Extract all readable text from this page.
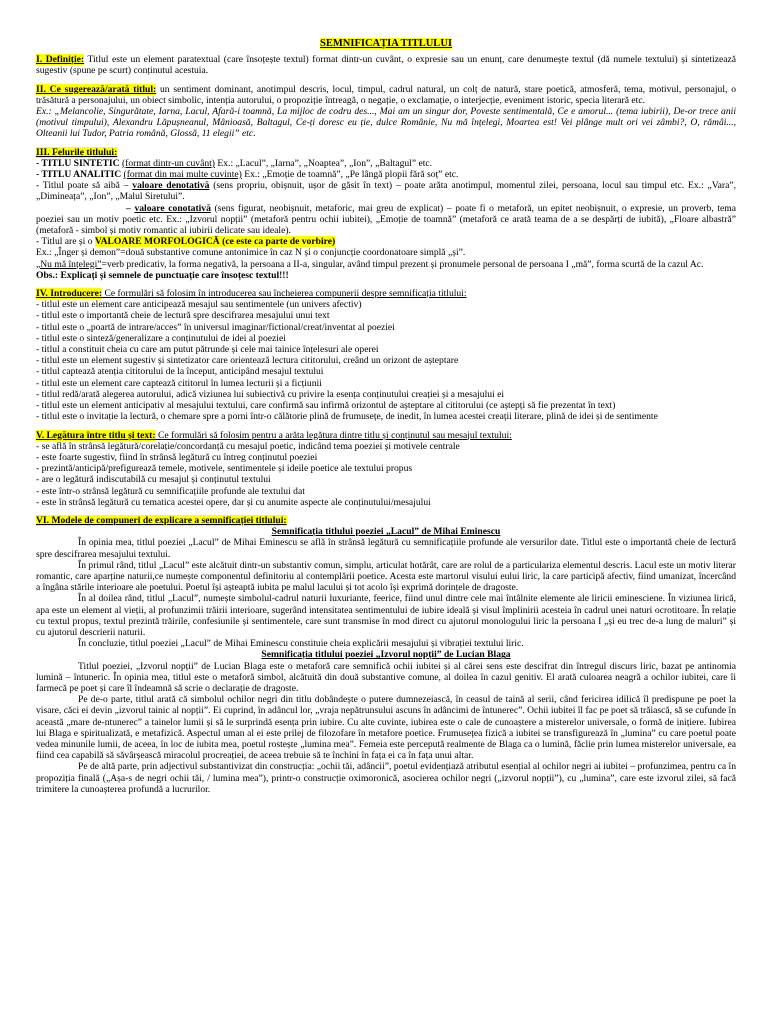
SEMNIFICAȚIA TITLULUI

I. Definiție: Titlul este un element paratextual (care însoțește textul) format dintr-un cuvânt, o expresie sau un enunț, care denumește textul (dă numele textului) și sintetizează sugestiv (spune pe scurt) conținutul acestuia.

II. Ce sugerează/arată titlul: un sentiment dominant, anotimpul descris, locul, timpul, cadrul natural, un colț de natură, stare poetică, atmosferă, tema, motivul, personajul, o trăsătură a personajului, un obiect simbolic, intenția autorului, o propoziție întreagă, o negație, o exclamație, o interjecție, eveniment istoric, specia literară etc.

Ex.: „Melancolie, Singurătate, Iarna, Lacul, Afară-i toamnă, La mijloc de codru des..., Mai am un singur dor, Poveste sentimentală, Ce e amorul... (tema iubirii), De-or trece anii (motivul timpului), Alexandru Lăpușneanul, Mânioasă, Baltagul, Ce-ți doresc eu ție, dulce Românie, Nu mă înțelegi, Moartea est! Vei plânge mult ori vei zâmbi?, O, rămâi..., Olteanii lui Tudor, Patria română, Glossă, 11 elegii” etc.

III. Felurile titlului:

- TITLU SINTETIC (format dintr-un cuvânt) Ex.: „Lacul”, „Iarna”, „Noaptea”, „Ion”, „Baltagul” etc.

- TITLU ANALITIC (format din mai multe cuvinte) Ex.: „Emoție de toamnă”, „Pe lângă plopii fără soț” etc.

- Titlul poate să aibă – valoare denotativă (sens propriu, obișnuit, ușor de găsit în text) – poate arăta anotimpul, momentul zilei, persoana, locul sau timpul etc. Ex.: „Vara”, „Dimineața”, „Ion”, „Malul Siretului”.

– valoare conotativă (sens figurat, neobișnuit, metaforic, mai greu de explicat) – poate fi o metaforă, un epitet neobișnuit, o expresie, un proverb, tema poeziei sau un motiv poetic etc. Ex.: „Izvorul nopții” (metaforă pentru ochii iubitei), „Emoție de toamnă” (metaforă ce arată teama de a se despărți de iubită), „Floare albastră” (metaforă - simbol și motiv romantic al iubirii delicate sau ideale).

- Titlul are și o VALOARE MORFOLOGICĂ (ce este ca parte de vorbire)

Ex.: „Înger și demon”=două substantive comune antonimice în caz N și o conjuncție coordonatoare simplă „și”.

„Nu mă înțelegi”=verb predicativ, la forma negativă, la persoana a II-a, singular, având timpul prezent și pronumele personal de persoana I „mă”, forma scurtă de la cazul Ac.

Obs.: Explicați și semnele de punctuație care însoțesc textul!!!

IV. Introducere: Ce formulări să folosim în introducerea sau încheierea compunerii despre semnificația titlului:

- titlul este un element care anticipează mesajul sau sentimentele (un univers afectiv)
- titlul este o importantă cheie de lectură spre descifrarea mesajului unui text
- titlul este o „poartă de intrare/acces” în universul imaginar/fictional/creat/inventat al poeziei
- titlul este o sinteză/generalizare a conținutului de idei al poeziei
- titlul a constituit cheia cu care am putut pătrunde și cele mai tainice înțelesuri ale operei
- titlul este un element sugestiv și sintetizator care orientează lectura cititorului, creând un orizont de așteptare
- titlul captează atenția cititorului de la început, anticipând mesajul textului
- titlul este un element care captează cititorul în lumea lecturii și a ficțiunii
- titlul redă/arată alegerea autorului, adică viziunea lui subiectivă cu privire la esența conținutului creației și a mesajului ei
- titlul este un element anticipativ al mesajului textului, care confirmă sau infirmă orizontul de așteptare al cititorului (ce aștepți să fie prezentat în text)
- titlul este o invitație la lectură, o chemare spre a porni într-o călătorie plină de frumusețe, de inedit, în lumea acestei creații literare, plină de idei și de sentimente

V. Legătura între titlu și text: Ce formulări să folosim pentru a arăta legătura dintre titlu și conținutul sau mesajul textului:

- se află în strânsă legătură/corelație/concordanță cu mesajul poetic, indicând tema poeziei și motivele centrale
- este foarte sugestiv, fiind în strânsă legătură cu întreg conținutul poeziei
- prezintă/anticipă/prefigurează temele, motivele, sentimentele și ideile poetice ale textului propus
- are o legătură indiscutabilă cu mesajul și conținutul textului
- este într-o strânsă legătură cu semnificațiile profunde ale textului dat
- este în strânsă legătură cu tematica acestei opere, dar și cu anumite aspecte ale conținutului/mesajului

VI. Modele de compuneri de explicare a semnificației titlului:

Semnificația titlului poeziei „Lacul” de Mihai Eminescu

În opinia mea, titlul poeziei „Lacul” de Mihai Eminescu se află în strânsă legătură cu semnificațiile profunde ale versurilor date. Titlul este o importantă cheie de lectură spre descifrarea mesajului textului.

În primul rând, titlul „Lacul” este alcătuit dintr-un substantiv comun, simplu, articulat hotărât, care are rolul de a particulariza elementul descris. Lacul este un motiv literar romantic, care aparține naturii,ce numește componentul definitoriu al contemplării poetice. Acesta este martorul visului eului liric, la care participă afectiv, fiind umanizat, încercând a îngâna stările interioare ale poetului. Poetul își așteaptă iubita pe malul lacului și tot acolo își exprimă dorințele de dragoste.

În al doilea rând, titlul „Lacul”, numește simbolul-cadrul naturii luxuriante, feerice, fiind unul dintre cele mai întâlnite elemente ale liricii eminesciene. În viziunea lirică, apa este un element al vieții, al profunzimii trăirii interioare, sugerând intensitatea sentimentului de iubire ideală și visul împlinirii acesteia în cadrul unei naturi ocrotitoare. În relație cu textul propus, textul prezintă trăirile, confesiunile și sentimentele, care sunt transmise în mod direct cu ajutorul monologului liric la persoana I „și eu trec de-a lung de maluri” și cu ajutorul descrierii naturii.

În concluzie, titlul poeziei „Lacul” de Mihai Eminescu constituie cheia explicării mesajului și vibrației textului liric.

Semnificația titlului poeziei „Izvorul nopții” de Lucian Blaga

Titlul poeziei, „Izvorul nopții” de Lucian Blaga este o metaforă care semnifică ochii iubitei și al cărei sens este descifrat din întregul discurs liric, bazat pe antinomia lumină – întuneric. În opinia mea, titlul este o metaforă simbol, alcătuită din două substantive comune, al doilea în cazul genitiv. El arată culoarea neagră a ochilor iubitei, care îi farmecă pe poet și care îl îndeamnă să scrie o declarație de dragoste.

Pe de-o parte, titlul arată că simbolul ochilor negri din titlu dobândește o putere dumnezeiască, în ceasul de taină al serii, când fericirea idilică îl predispune pe poet la visare, căci ei devin „izvorul tainic al nopții”. Ei cuprind, în adâncul lor, „vraja nepătrunsului ascuns în adâncimi de întunerec”. Ochii iubitei îl fac pe poet să trăiască, să se cufunde în această „mare de-ntunerec” a tainelor lumii și să le surprindă esența prin iubire. Cu alte cuvinte, iubirea este o cale de cunoaștere a misterelor universale, o formă de inițiere. Iubirea lui Blaga e spiritualizată, e metafizică. Aspectul uman al ei este prilej de filozofare în metafore poetice. Frumusețea fizică a iubitei se transfigurează în „lumina” cu care poetul poate vedea minunile lumii, de aceea, în loc de iubita mea, poetul rostește „lumina mea”. Femeia este percepută realmente de Blaga ca o lumină, făclie prin lumea misterelor universale, ea fiind cea capabilă să săvârșească miracolul procreației, de aceea trebuie să te închini în fața ei ca în fața unui altar.

Pe de altă parte, prin adjectivul substantivizat din construcția: „ochii tăi, adâncii”, poetul evidențiază atributul esențial al ochilor negri ai iubitei – profunzimea, pentru ca în propoziția finală („Așa-s de negri ochii tăi, / lumina mea”), printr-o construcție oximoronică, asocierea ochilor negri („izvorul nopții”), cu „lumina”, care este izvorul zilei, să facă trimitere la cunoașterea profundă a lucrurilor.
